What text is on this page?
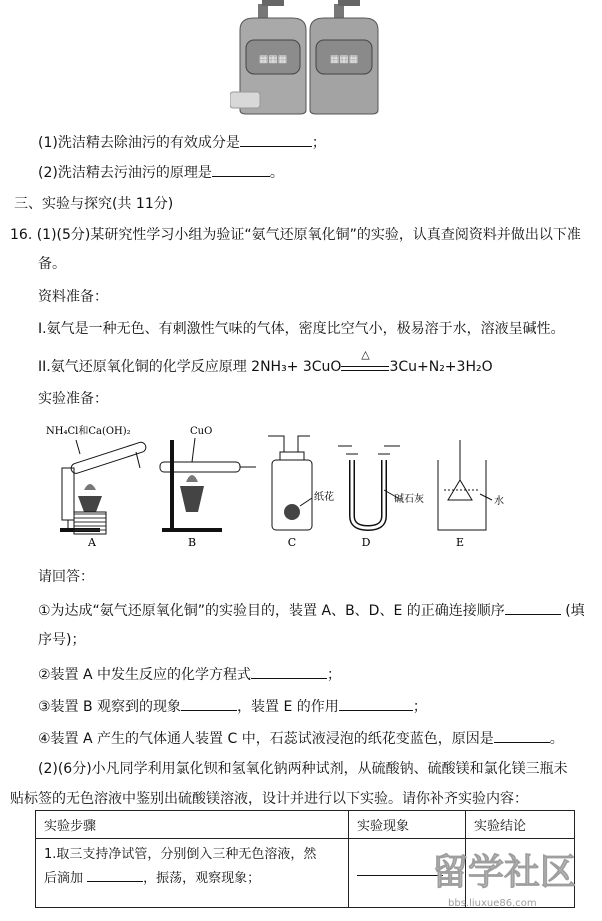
▦▦▦	▦▦▦
(1)洗洁精去除油污的有效成分是	；
(2)洗洁精去污油污的原理是	。
三、实验与探究(共 11分)
16. (1)(5分)某研究性学习小组为验证“氨气还原氧化铜”的实验，认真查阅资料并做出以下准
备。
资料准备：
I.氨气是一种无色、有刺激性气味的气体，密度比空气小，极易溶于水，溶液呈碱性。
II.氨气还原氧化铜的化学反应原理 2NH₃+ 3CuO
△
3Cu+N₂+3H₂O
实验准备：
NH₄Cl和Ca(OH)₂
A
CuO
B
纸花
C
碱石灰
D
水
E
请回答：
①为达成“氨气还原氧化铜”的实验目的，装置 A、B、D、E 的正确连接顺序	(填
序号)；
②装置 A 中发生反应的化学方程式	；
③装置 B 观察到的现象	，装置 E 的作用	；
④装置 A 产生的气体通人装置 C 中，石蕊试液浸泡的纸花变蓝色，原因是	。
(2)(6分)小凡同学利用氯化钡和氢氧化钠两种试剂，从硫酸钠、硫酸镁和氯化镁三瓶未
贴标签的无色溶液中鉴别出硫酸镁溶液，设计并进行以下实验。请你补齐实验内容：
实验步骤	实验现象	实验结论

1.取三支持净试管，分别倒入三种无色溶液，然
后滴加 ，振荡，观察现象；		

		留学社区
bbs.liuxue86.com
